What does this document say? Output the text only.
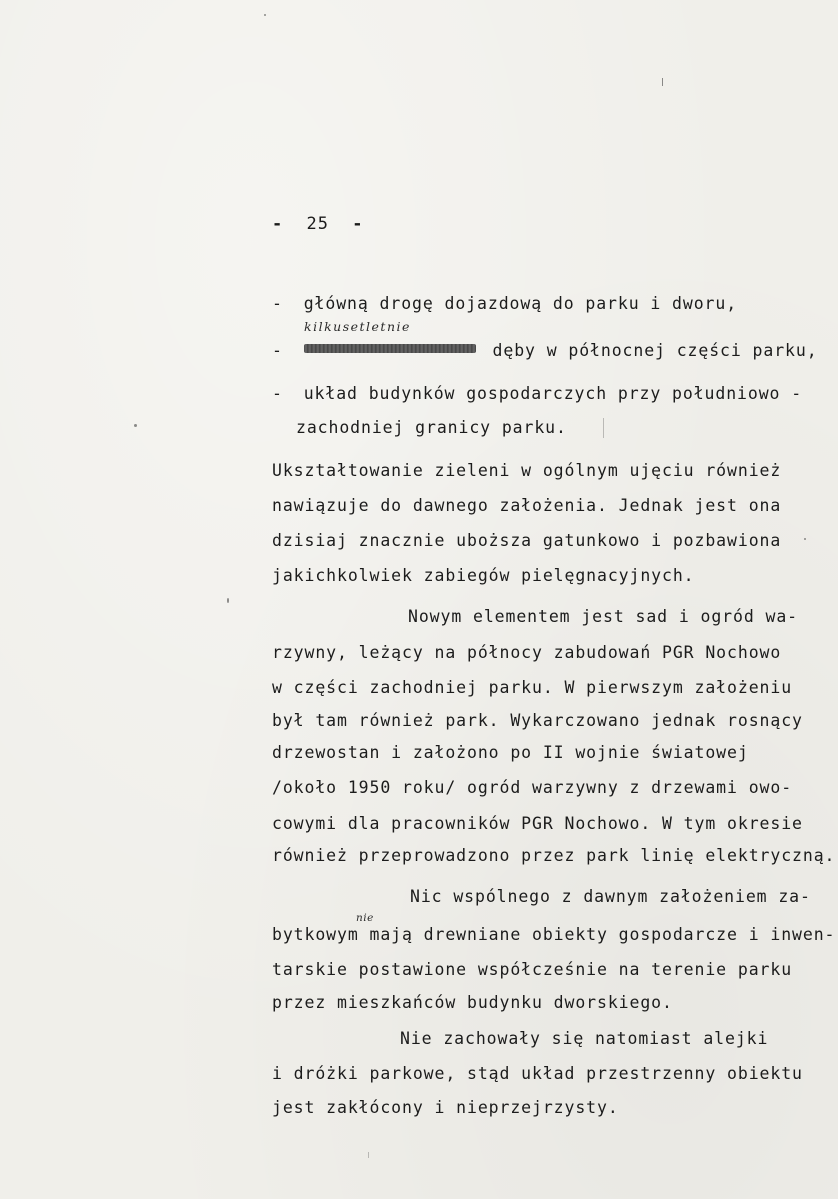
- 25 -
- główną drogę dojazdową do parku i dworu,
kilkusetletnie
-	dęby w północnej części parku,
- układ budynków gospodarczych przy południowo -
zachodniej granicy parku.
Ukształtowanie zieleni w ogólnym ujęciu również
nawiązuje do dawnego założenia. Jednak jest ona
dzisiaj znacznie uboższa gatunkowo i pozbawiona
jakichkolwiek zabiegów pielęgnacyjnych.
Nowym elementem jest sad i ogród wa-
rzywny, leżący na północy zabudowań PGR Nochowo
w części zachodniej parku. W pierwszym założeniu
był tam również park. Wykarczowano jednak rosnący
drzewostan i założono po II wojnie światowej
/około 1950 roku/ ogród warzywny z drzewami owo-
cowymi dla pracowników PGR Nochowo. W tym okresie
również przeprowadzono przez park linię elektryczną.
Nic wspólnego z dawnym założeniem za-
nie
bytkowym mają drewniane obiekty gospodarcze i inwen-
tarskie postawione współcześnie na terenie parku
przez mieszkańców budynku dworskiego.
Nie zachowały się natomiast alejki
i dróżki parkowe, stąd układ przestrzenny obiektu
jest zakłócony i nieprzejrzysty.
